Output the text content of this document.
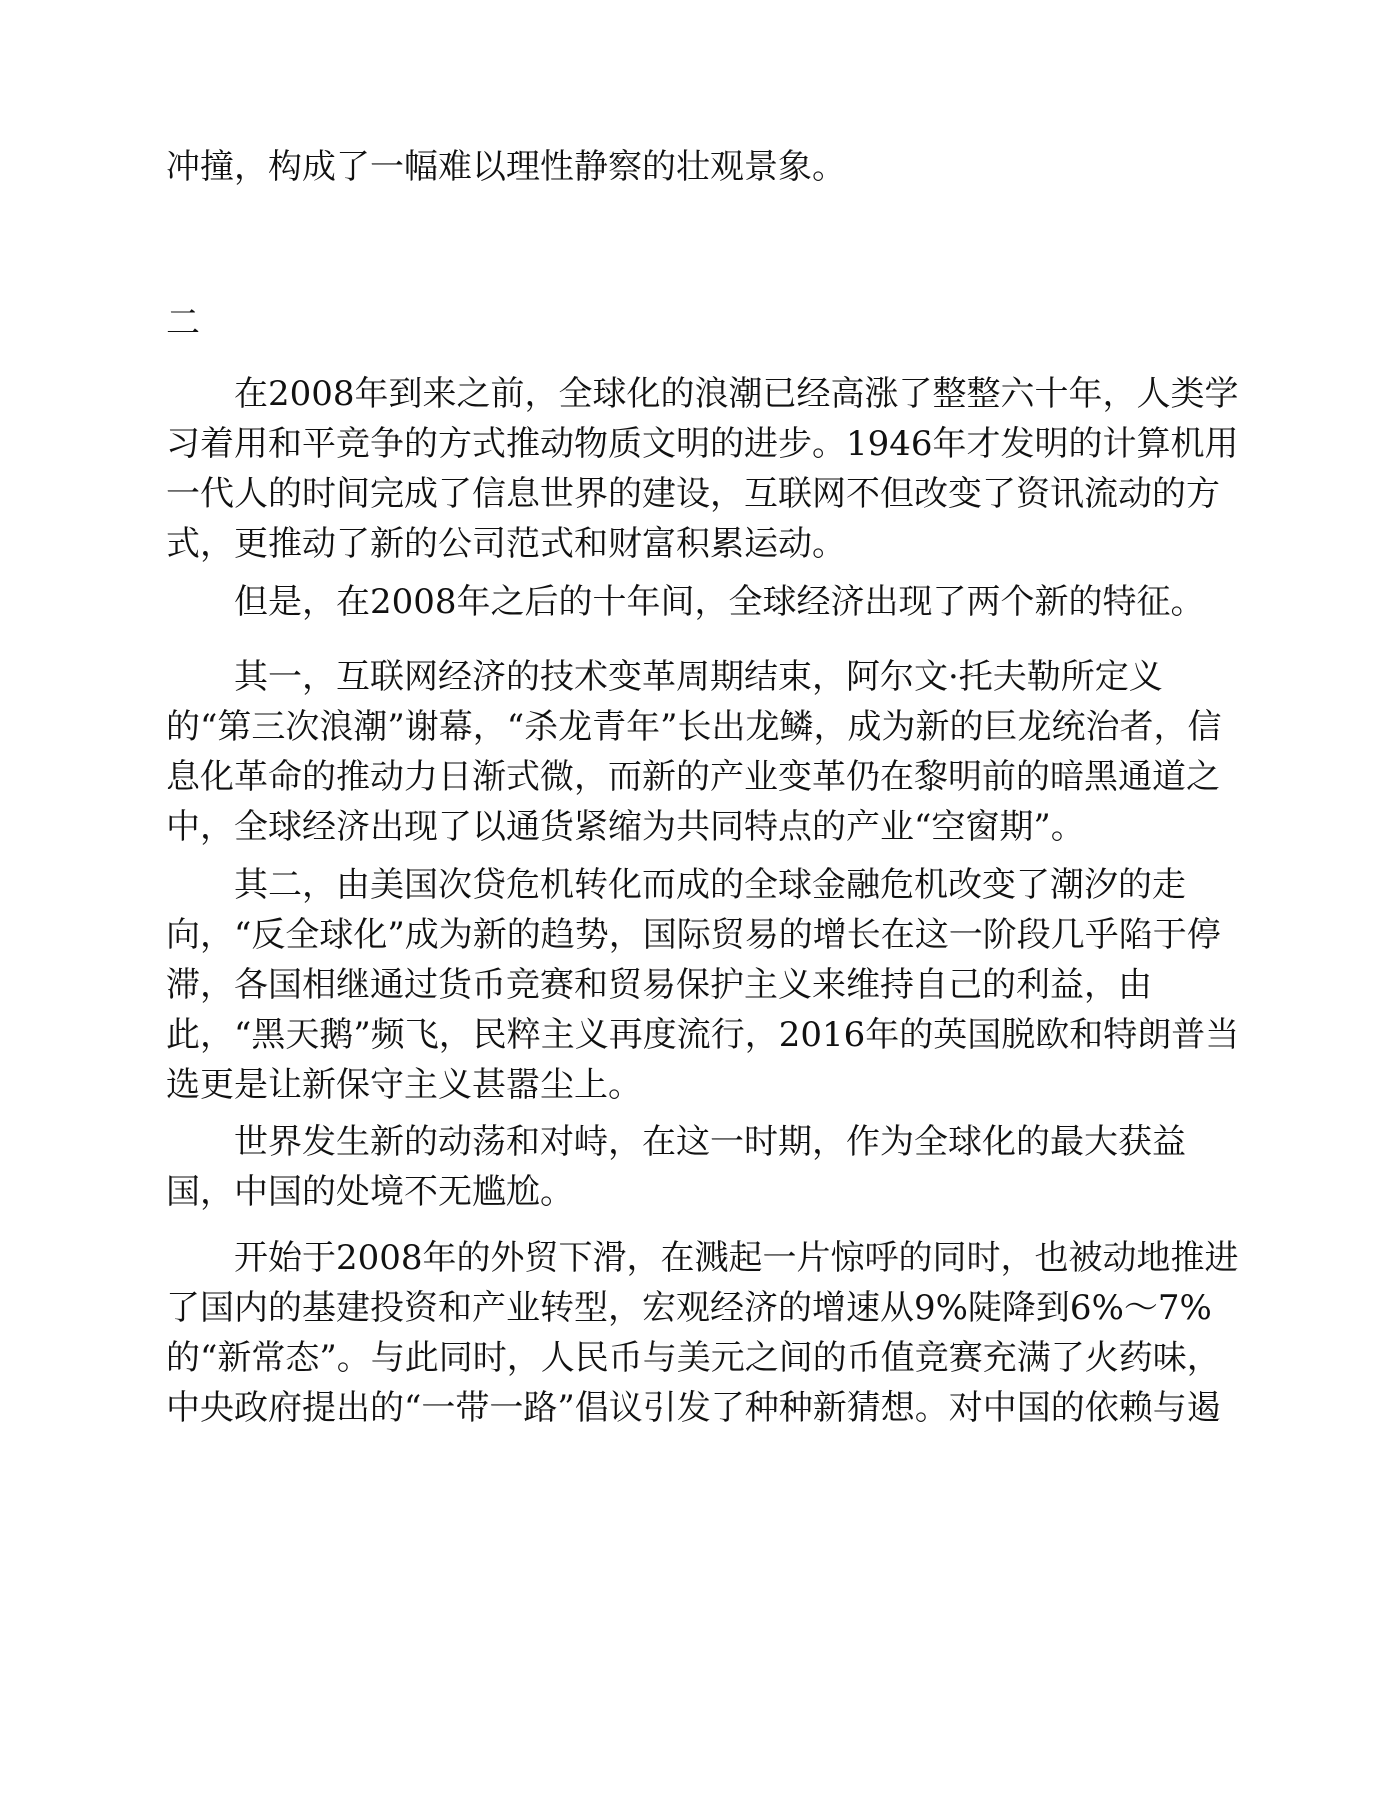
冲撞，构成了一幅难以理性静察的壮观景象。

二

　　在2008年到来之前，全球化的浪潮已经高涨了整整六十年，人类学
习着用和平竞争的方式推动物质文明的进步。1946年才发明的计算机用
一代人的时间完成了信息世界的建设，互联网不但改变了资讯流动的方
式，更推动了新的公司范式和财富积累运动。

　　但是，在2008年之后的十年间，全球经济出现了两个新的特征。

　　其一，互联网经济的技术变革周期结束，阿尔文·托夫勒所定义
的“第三次浪潮”谢幕，“杀龙青年”长出龙鳞，成为新的巨龙统治者，信
息化革命的推动力日渐式微，而新的产业变革仍在黎明前的暗黑通道之
中，全球经济出现了以通货紧缩为共同特点的产业“空窗期”。

　　其二，由美国次贷危机转化而成的全球金融危机改变了潮汐的走
向，“反全球化”成为新的趋势，国际贸易的增长在这一阶段几乎陷于停
滞，各国相继通过货币竞赛和贸易保护主义来维持自己的利益，由
此，“黑天鹅”频飞，民粹主义再度流行，2016年的英国脱欧和特朗普当
选更是让新保守主义甚嚣尘上。

　　世界发生新的动荡和对峙，在这一时期，作为全球化的最大获益
国，中国的处境不无尴尬。

　　开始于2008年的外贸下滑，在溅起一片惊呼的同时，也被动地推进
了国内的基建投资和产业转型，宏观经济的增速从9%陡降到6%～7%
的“新常态”。与此同时，人民币与美元之间的币值竞赛充满了火药味，
中央政府提出的“一带一路”倡议引发了种种新猜想。对中国的依赖与遏
